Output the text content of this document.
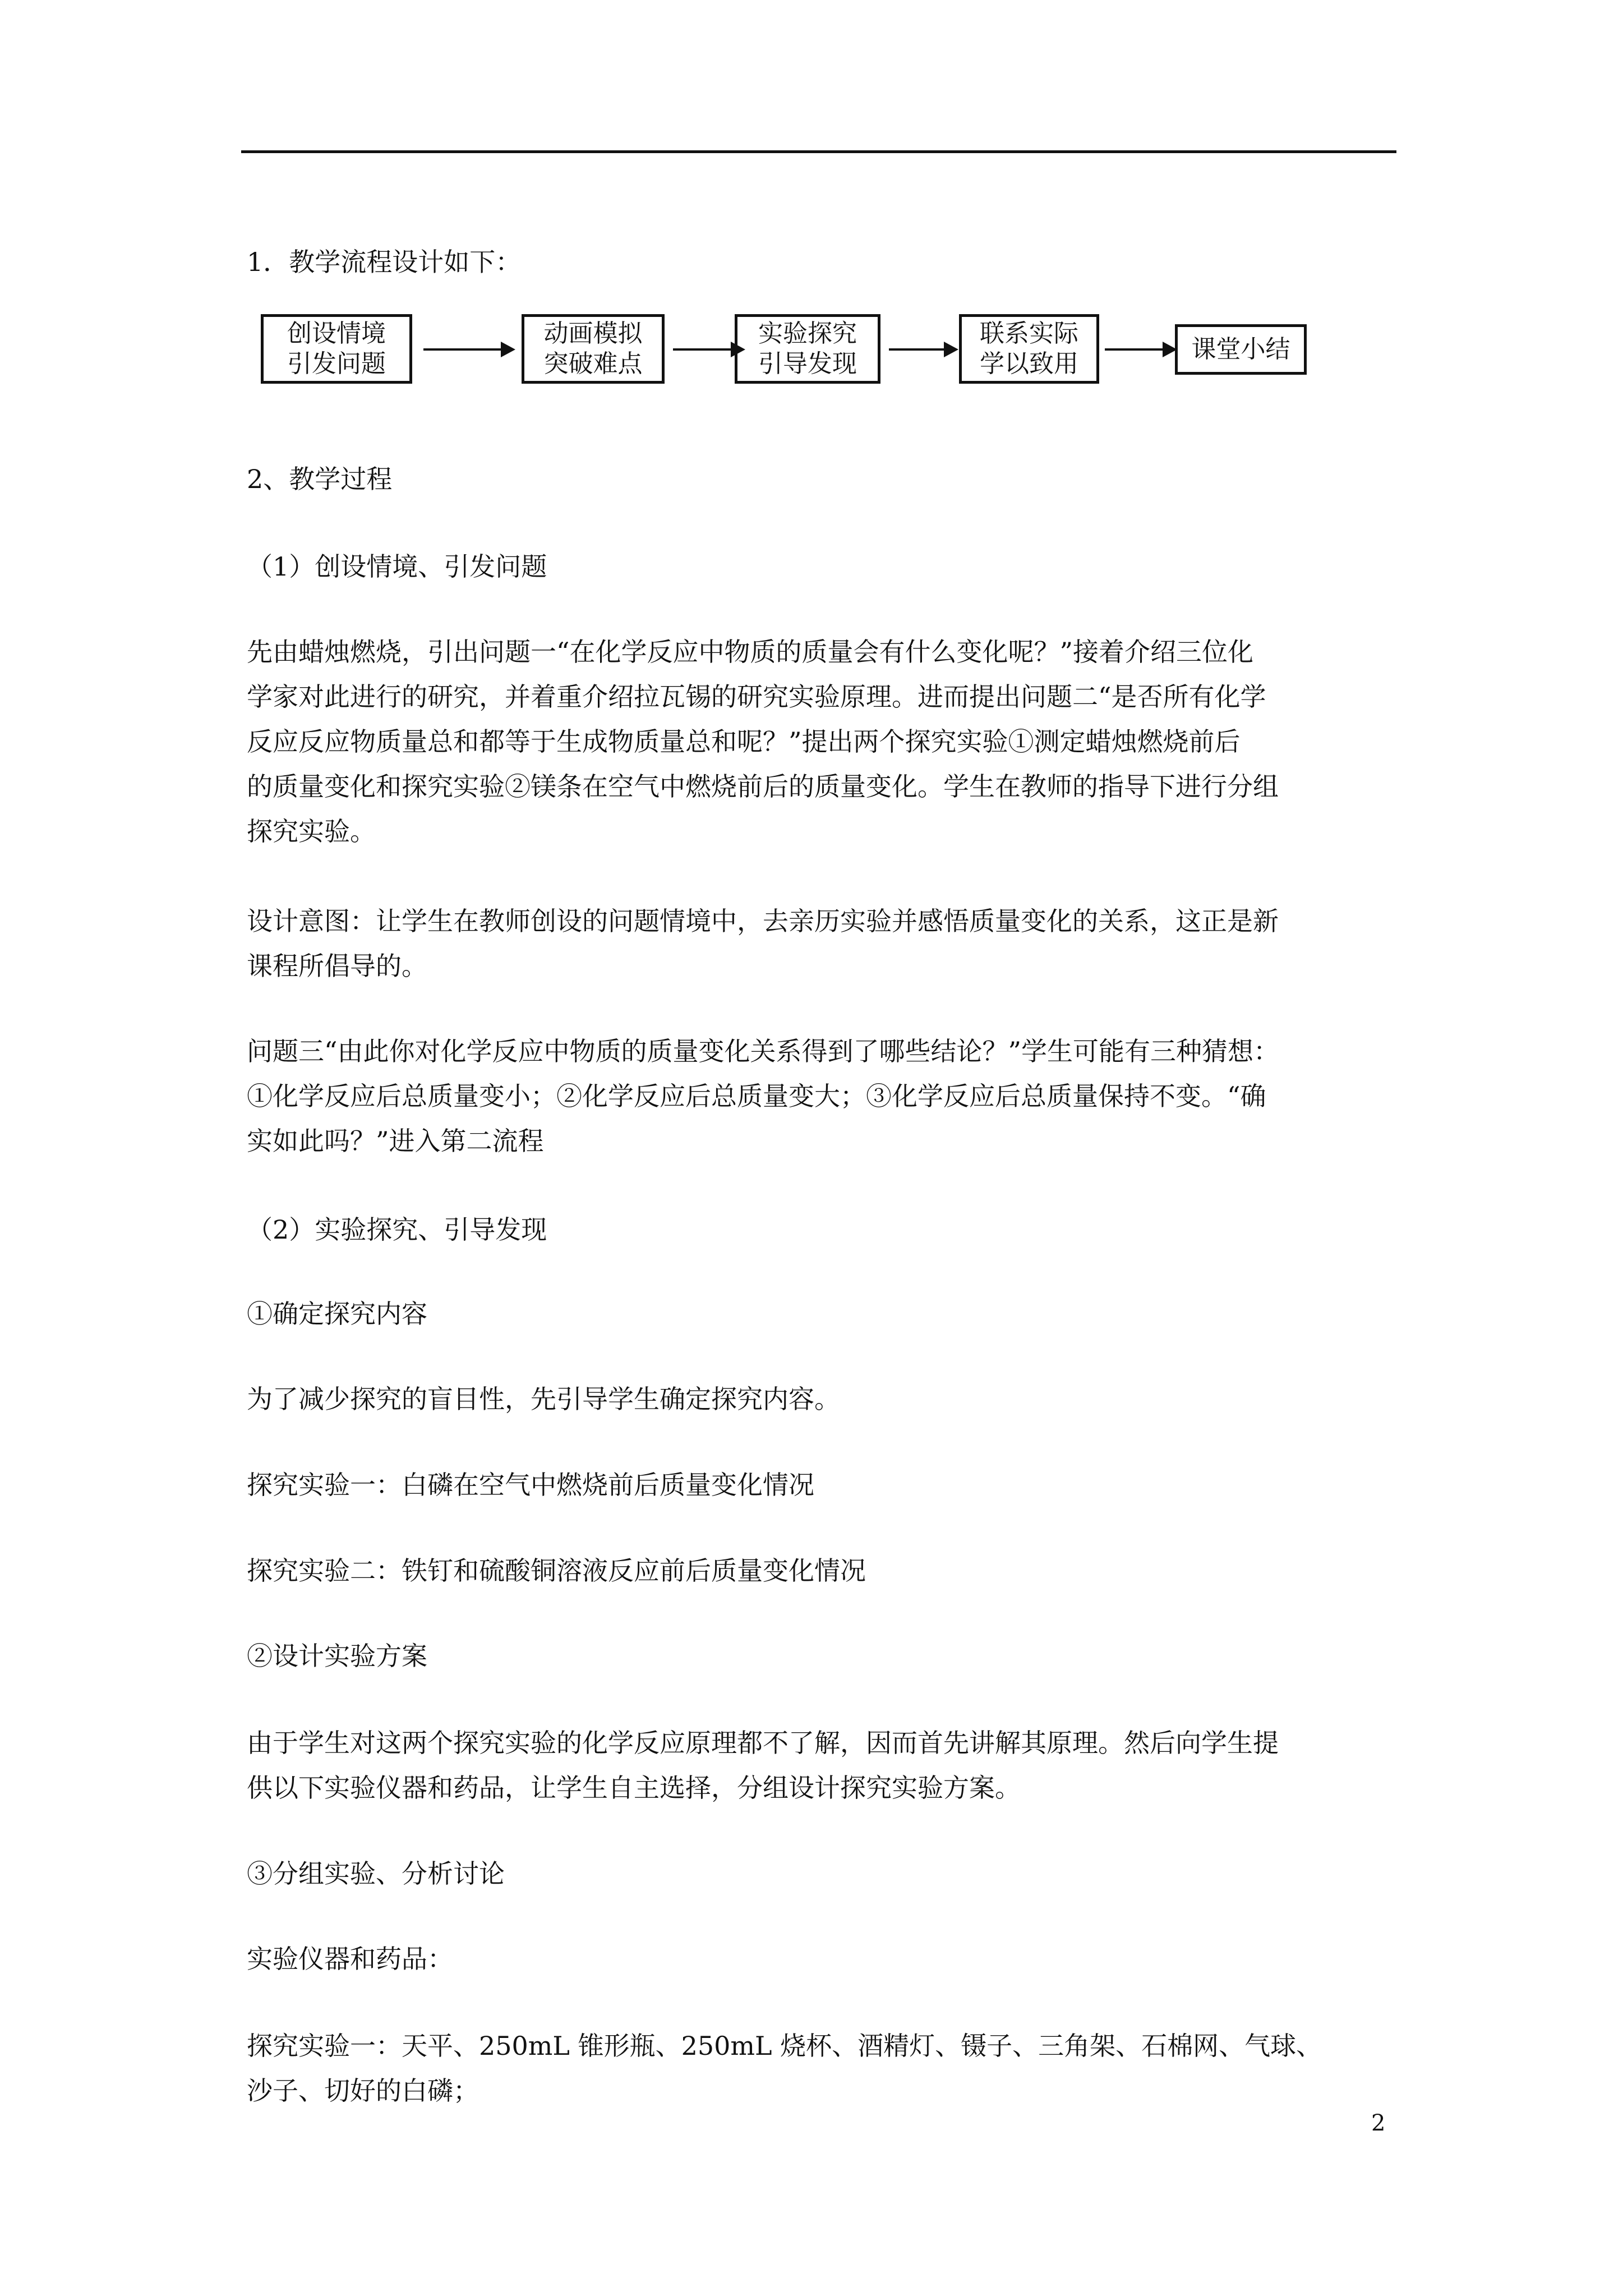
1．教学流程设计如下：
创设情境
引发问题
动画模拟
突破难点
实验探究
引导发现
联系实际
学以致用
课堂小结
2、教学过程
（1）创设情境、引发问题
先由蜡烛燃烧，引出问题一“在化学反应中物质的质量会有什么变化呢？”接着介绍三位化
学家对此进行的研究，并着重介绍拉瓦锡的研究实验原理。进而提出问题二“是否所有化学
反应反应物质量总和都等于生成物质量总和呢？”提出两个探究实验①测定蜡烛燃烧前后
的质量变化和探究实验②镁条在空气中燃烧前后的质量变化。学生在教师的指导下进行分组
探究实验。
设计意图：让学生在教师创设的问题情境中，去亲历实验并感悟质量变化的关系，这正是新
课程所倡导的。
问题三“由此你对化学反应中物质的质量变化关系得到了哪些结论？”学生可能有三种猜想：
①化学反应后总质量变小；②化学反应后总质量变大；③化学反应后总质量保持不变。“确
实如此吗？”进入第二流程
（2）实验探究、引导发现
①确定探究内容
为了减少探究的盲目性，先引导学生确定探究内容。
探究实验一：白磷在空气中燃烧前后质量变化情况
探究实验二：铁钉和硫酸铜溶液反应前后质量变化情况
②设计实验方案
由于学生对这两个探究实验的化学反应原理都不了解，因而首先讲解其原理。然后向学生提
供以下实验仪器和药品，让学生自主选择，分组设计探究实验方案。
③分组实验、分析讨论
实验仪器和药品：
探究实验一：天平、250mL 锥形瓶、250mL 烧杯、酒精灯、镊子、三角架、石棉网、气球、
沙子、切好的白磷；
2
